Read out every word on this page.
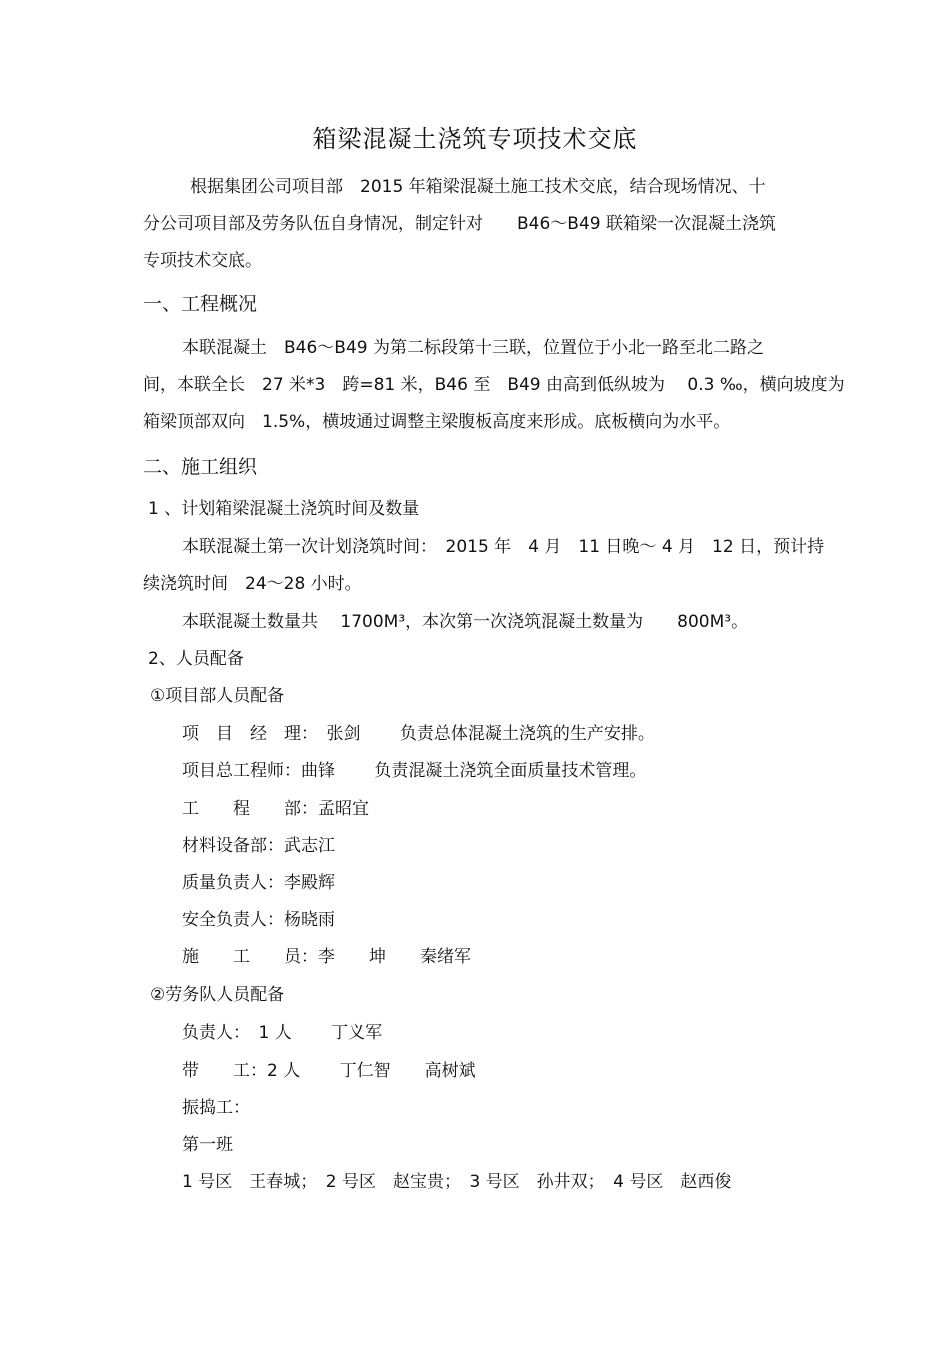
箱梁混凝土浇筑专项技术交底
根据集团公司项目部　2015 年箱梁混凝土施工技术交底，结合现场情况、十
分公司项目部及劳务队伍自身情况，制定针对　　B46～B49 联箱梁一次混凝土浇筑
专项技术交底。
一、工程概况
本联混凝土　B46～B49 为第二标段第十三联，位置位于小北一路至北二路之
间，本联全长　27 米*3　跨=81 米，B46 至　B49 由高到低纵坡为　 0.3 ‰，横向坡度为
箱梁顶部双向　1.5%，横坡通过调整主梁腹板高度来形成。底板横向为水平。
二、施工组织
1 、计划箱梁混凝土浇筑时间及数量
本联混凝土第一次计划浇筑时间：　2015 年　4 月　11 日晚～ 4 月　12 日，预计持
续浇筑时间　24～28 小时。
本联混凝土数量共　 1700M³，本次第一次浇筑混凝土数量为　　800M³。
2、人员配备
①项目部人员配备
项　目　经　理：　张剑　　 负责总体混凝土浇筑的生产安排。
项目总工程师：曲锋　　 负责混凝土浇筑全面质量技术管理。
工　　程　　部：孟昭宜
材料设备部：武志江
质量负责人：李殿辉
安全负责人：杨晓雨
施　　工　　员：李　　坤　　秦绪军
②劳务队人员配备
负责人：　1 人　　 丁义军
带　　工：2 人　　 丁仁智　　高树斌
振捣工：
第一班
1 号区　王春城；　2 号区　赵宝贵；　3 号区　孙井双；　4 号区　赵西俊
